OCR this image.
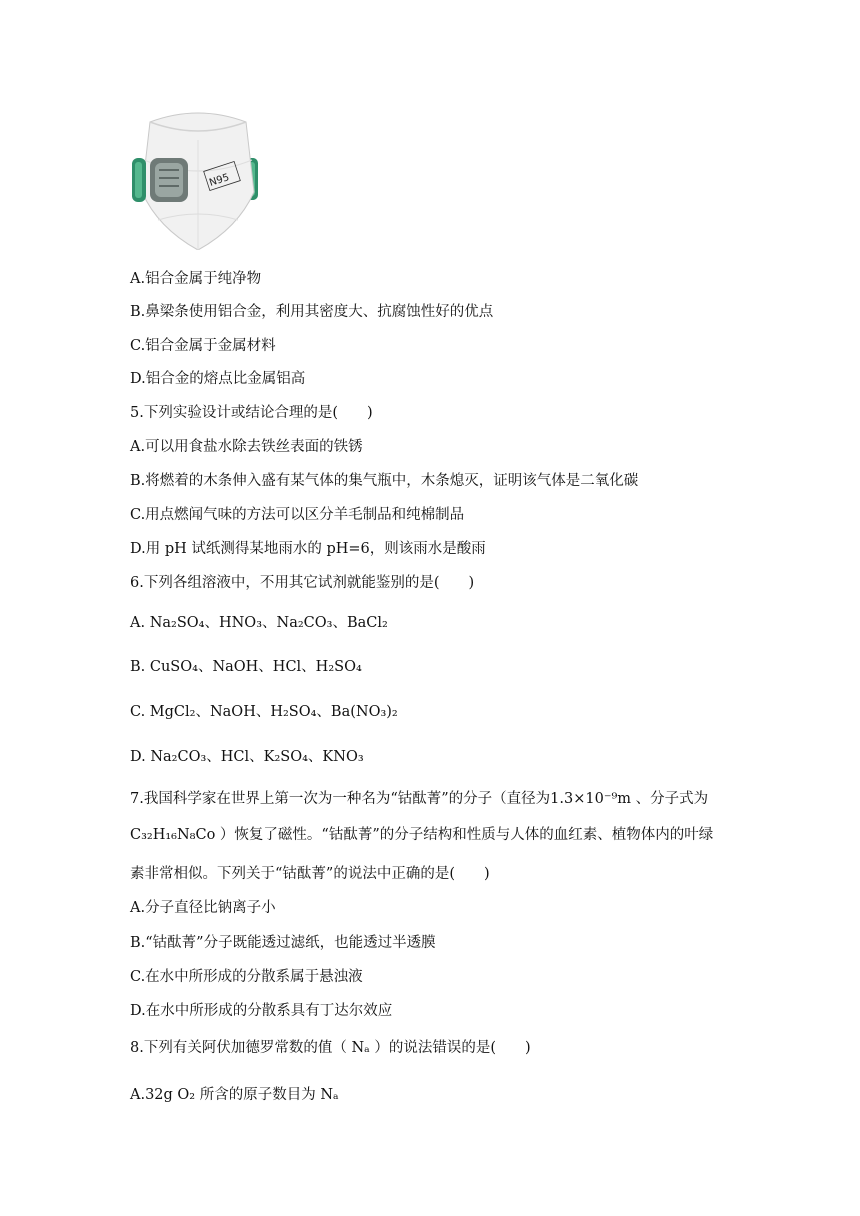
N95
A.铝合金属于纯净物
B.鼻梁条使用铝合金，利用其密度大、抗腐蚀性好的优点
C.铝合金属于金属材料
D.铝合金的熔点比金属铝高
5.下列实验设计或结论合理的是(　　)
A.可以用食盐水除去铁丝表面的铁锈
B.将燃着的木条伸入盛有某气体的集气瓶中，木条熄灭，证明该气体是二氧化碳
C.用点燃闻气味的方法可以区分羊毛制品和纯棉制品
D.用 pH 试纸测得某地雨水的 pH=6，则该雨水是酸雨
6.下列各组溶液中，不用其它试剂就能鉴别的是(　　)
A. Na₂SO₄、HNO₃、Na₂CO₃、BaCl₂
B. CuSO₄、NaOH、HCl、H₂SO₄
C. MgCl₂、NaOH、H₂SO₄、Ba(NO₃)₂
D. Na₂CO₃、HCl、K₂SO₄、KNO₃
7.我国科学家在世界上第一次为一种名为“钴酞菁”的分子（直径为1.3×10⁻⁹m 、分子式为
C₃₂H₁₆N₈Co ）恢复了磁性。“钴酞菁”的分子结构和性质与人体的血红素、植物体内的叶绿
素非常相似。下列关于“钴酞菁”的说法中正确的是(　　)
A.分子直径比钠离子小
B.“钴酞菁”分子既能透过滤纸，也能透过半透膜
C.在水中所形成的分散系属于悬浊液
D.在水中所形成的分散系具有丁达尔效应
8.下列有关阿伏加德罗常数的值（ Nₐ ）的说法错误的是(　　)
A.32g O₂ 所含的原子数目为 Nₐ
